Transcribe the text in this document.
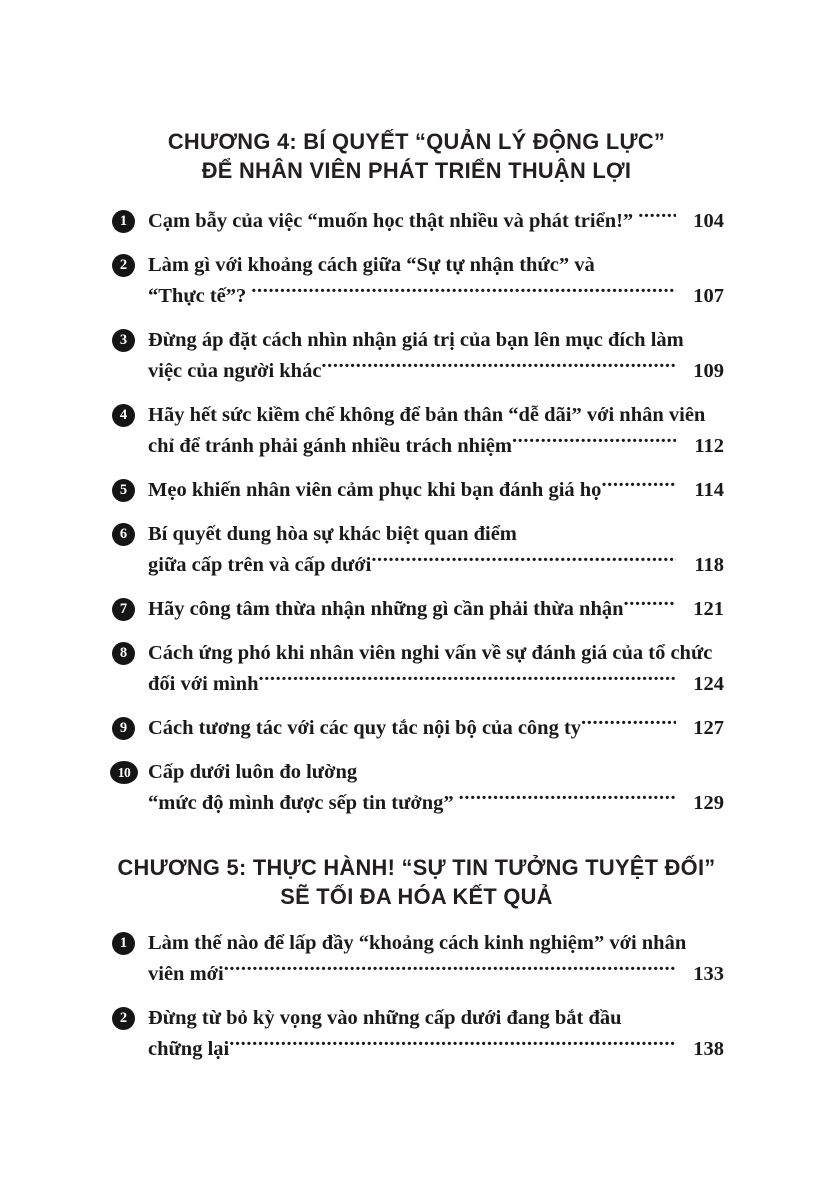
CHƯƠNG 4: BÍ QUYẾT “QUẢN LÝ ĐỘNG LỰC”
ĐỂ NHÂN VIÊN PHÁT TRIỂN THUẬN LỢI
1	Cạm bẫy của việc “muốn học thật nhiều và phát triển!” .....	104
2	Làm gì với khoảng cách giữa “Sự tự nhận thức” và
“Thực tế”? .....	107
3	Đừng áp đặt cách nhìn nhận giá trị của bạn lên mục đích làm
việc của người khác .....	109
4	Hãy hết sức kiềm chế không để bản thân “dễ dãi” với nhân viên
chỉ để tránh phải gánh nhiều trách nhiệm .....	112
5	Mẹo khiến nhân viên cảm phục khi bạn đánh giá họ .....	114
6	Bí quyết dung hòa sự khác biệt quan điểm
giữa cấp trên và cấp dưới .....	118
7	Hãy công tâm thừa nhận những gì cần phải thừa nhận .....	121
8	Cách ứng phó khi nhân viên nghi vấn về sự đánh giá của tổ chức
đối với mình .....	124
9	Cách tương tác với các quy tắc nội bộ của công ty .....	127
10 Cấp dưới luôn đo lường
“mức độ mình được sếp tin tưởng” .....	129
CHƯƠNG 5: THỰC HÀNH! “SỰ TIN TƯỞNG TUYỆT ĐỐI”
SẼ TỐI ĐA HÓA KẾT QUẢ
1	Làm thế nào để lấp đầy “khoảng cách kinh nghiệm” với nhân
viên mới .....	133
2	Đừng từ bỏ kỳ vọng vào những cấp dưới đang bắt đầu
chững lại .....	138
